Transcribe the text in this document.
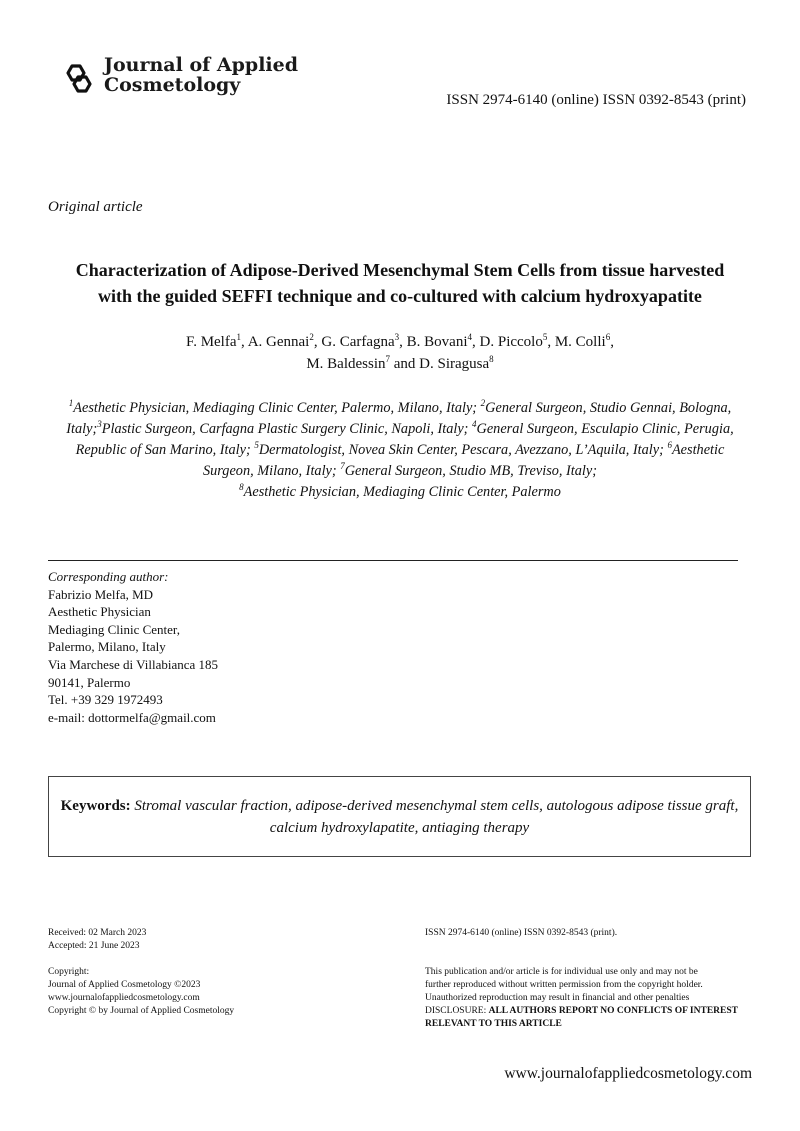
Journal of Applied
Cosmetology
ISSN 2974-6140 (online) ISSN 0392-8543 (print)
Original article
Characterization of Adipose-Derived Mesenchymal Stem Cells from tissue harvested
with the guided SEFFI technique and co-cultured with calcium hydroxyapatite
F. Melfa$^1$, A. Gennai$^2$, G. Carfagna$^3$, B. Bovani$^4$, D. Piccolo$^5$, M. Colli$^6$,
M. Baldessin$^7$ and D. Siragusa$^8$
$^1$Aesthetic Physician, Mediaging Clinic Center, Palermo, Milano, Italy; $^2$General Surgeon, Studio Gennai, Bologna, Italy;$^3$Plastic Surgeon, Carfagna Plastic Surgery Clinic, Napoli, Italy; $^4$General Surgeon, Esculapio Clinic, Perugia, Republic of San Marino, Italy; $^5$Dermatologist, Novea Skin Center, Pescara, Avezzano, L’Aquila, Italy; $^6$Aesthetic Surgeon, Milano, Italy; $^7$General Surgeon, Studio MB, Treviso, Italy;
$^8$Aesthetic Physician, Mediaging Clinic Center, Palermo
Corresponding author:
Fabrizio Melfa, MD
Aesthetic Physician
Mediaging Clinic Center,
Palermo, Milano, Italy
Via Marchese di Villabianca 185
90141, Palermo
Tel. +39 329 1972493
e-mail: dottormelfa@gmail.com
Keywords: Stromal vascular fraction, adipose-derived mesenchymal stem cells, autologous adipose tissue graft, calcium hydroxylapatite, antiaging therapy
Received: 02 March 2023
Accepted: 21 June 2023
Copyright:
Journal of Applied Cosmetology ©2023
www.journalofappliedcosmetology.com
Copyright © by Journal of Applied Cosmetology
ISSN 2974-6140 (online) ISSN 0392-8543 (print).
This publication and/or article is for individual use only and may not be
further reproduced without written permission from the copyright holder.
Unauthorized reproduction may result in financial and other penalties
DISCLOSURE: ALL AUTHORS REPORT NO CONFLICTS OF INTEREST RELEVANT TO THIS ARTICLE
www.journalofappliedcosmetology.com
